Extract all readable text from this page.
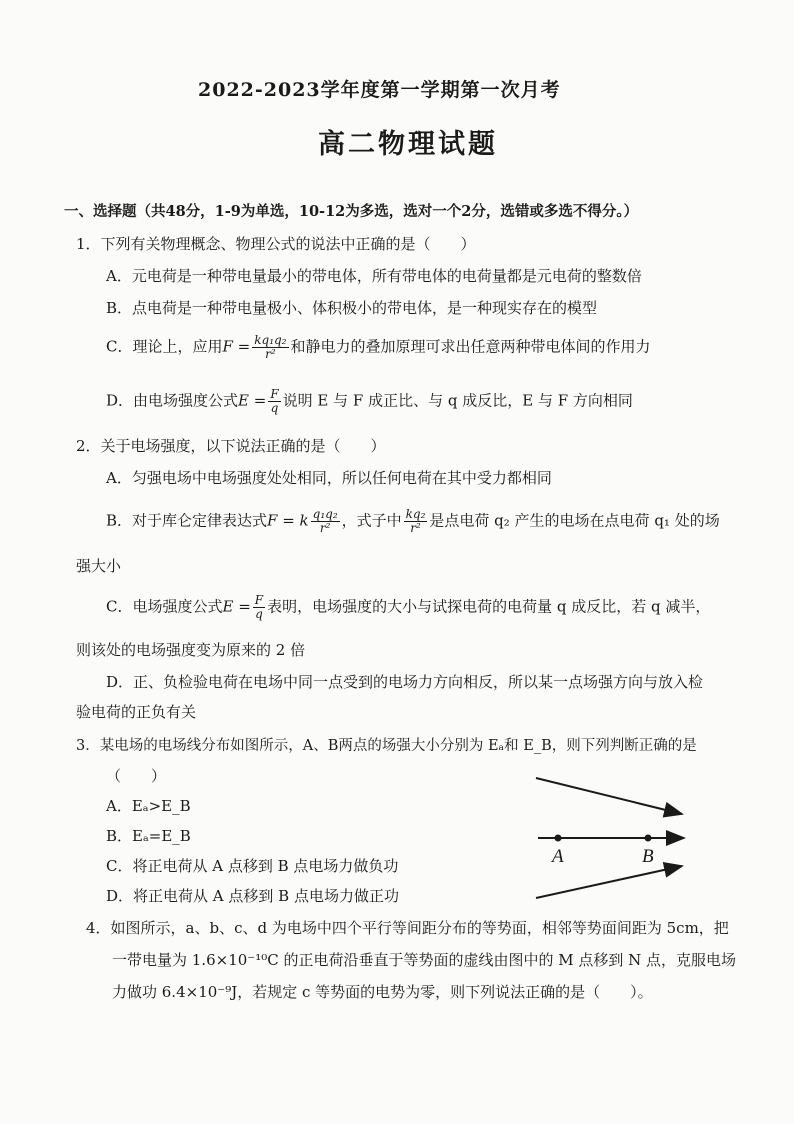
2022-2023学年度第一学期第一次月考
高二物理试题
一、选择题（共48分，1-9为单选，10-12为多选，选对一个2分，选错或多选不得分。）
1．下列有关物理概念、物理公式的说法中正确的是（　　）
A．元电荷是一种带电量最小的带电体，所有带电体的电荷量都是元电荷的整数倍
B．点电荷是一种带电量极小、体积极小的带电体，是一种现实存在的模型
C．理论上，应用$F = \frac{\text{kq₁q₂}}{\text{r²}}$ 和静电力的叠加原理可求出任意两种带电体间的作用力
D．由电场强度公式$E = \frac{F}{q}$ 说明 E 与 F 成正比、与 q 成反比，E 与 F 方向相同
2．关于电场强度，以下说法正确的是（　　）
A．匀强电场中电场强度处处相同，所以任何电荷在其中受力都相同
B．对于库仑定律表达式F = k $\frac{\text{q₁q₂}}{\text{r²}}$ ，式子中 $\frac{\text{kq₂}}{\text{r²}}$ 是点电荷 q₂ 产生的电场在点电荷 q₁ 处的场
强大小
C．电场强度公式$E = \frac{F}{q}$ 表明，电场强度的大小与试探电荷的电荷量 q 成反比，若 q 减半，
则该处的电场强度变为原来的 2 倍
D．正、负检验电荷在电场中同一点受到的电场力方向相反，所以某一点场强方向与放入检
验电荷的正负有关
3．某电场的电场线分布如图所示，A、B两点的场强大小分别为 Eₐ和 E_B，则下列判断正确的是
（　　）
A．Eₐ>E_B
B．Eₐ=E_B
C．将正电荷从 A 点移到 B 点电场力做负功
D．将正电荷从 A 点移到 B 点电场力做正功
A	B
4．如图所示，a、b、c、d 为电场中四个平行等间距分布的等势面，相邻等势面间距为 5cm，把
一带电量为 1.6×10⁻¹⁰C 的正电荷沿垂直于等势面的虚线由图中的 M 点移到 N 点，克服电场
力做功 6.4×10⁻⁹J，若规定 c 等势面的电势为零，则下列说法正确的是（　　）。
